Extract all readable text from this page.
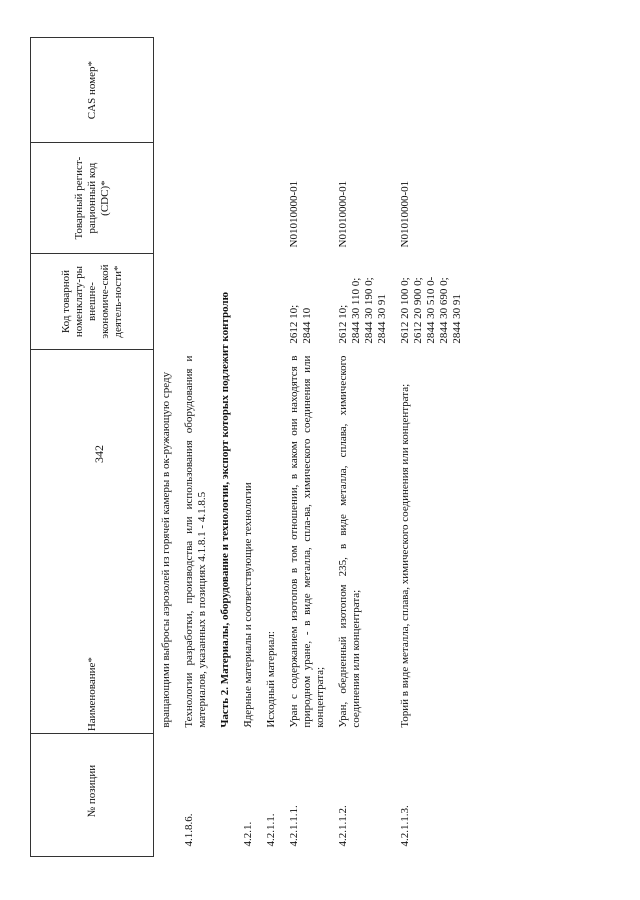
342
№ позиции	Наименование*	Код товарной номенклату-ры внешне-экономиче-ской деятель-ности*	Товарный регист-рационный код (CDC)*	CAS номер*
	вращающими выбросы аэрозолей из горячей камеры в ок-ружающую среду			
4.1.8.6.	Технологии разработки, производства или использования оборудования и материалов, указанных в позициях 4.1.8.1 - 4.1.8.5			
	Часть 2. Материалы, оборудование и технологии, экспорт которых подлежит контролю			
4.2.1.	Ядерные материалы и соответствующие технологии			
4.2.1.1.	Исходный материал:			
4.2.1.1.1.	Уран с содержанием изотопов в том отношении, в каком они находятся в природном уране, - в виде металла, спла-ва, химического соединения или концентрата;	2612 10;
2844 10	N01010000-01	
4.2.1.1.2.	Уран, обедненный изотопом 235, в виде металла, сплава, химического соединения или концентрата;	2612 10;
2844 30 110 0;
2844 30 190 0;
2844 30 91	N01010000-01	
4.2.1.1.3.	Торий в виде металла, сплава, химического соединения или концентрата;	2612 20 100 0;
2612 20 900 0;
2844 30 510 0-
2844 30 690 0;
2844 30 91	N01010000-01	
